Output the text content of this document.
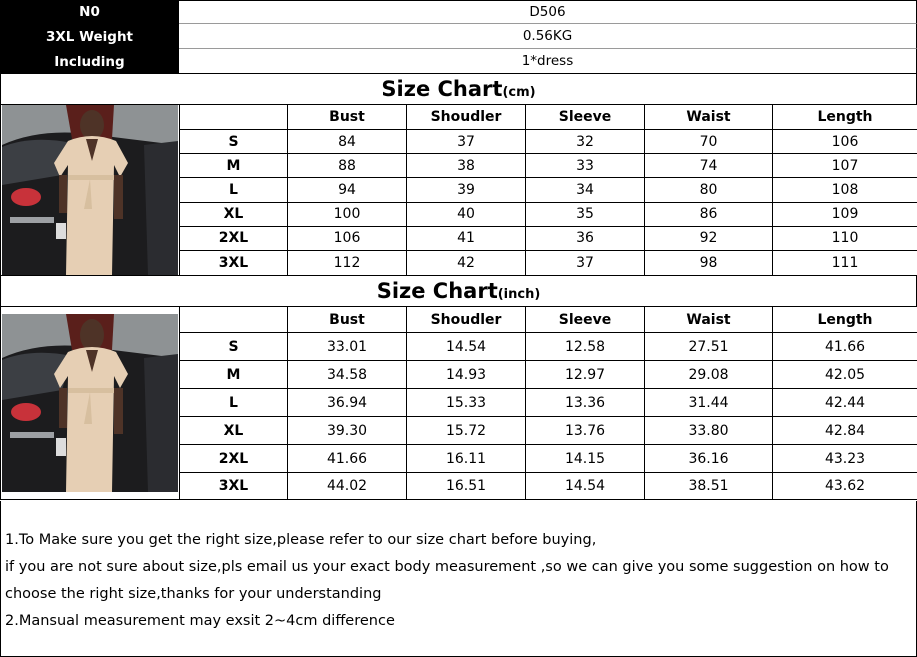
N0	D506
3XL Weight	0.56KG
Including	1*dress
Size Chart (cm)
		Bust	Shoudler	Sleeve	Waist	Length
	S	84	37	32	70	106
	M	88	38	33	74	107
	L	94	39	34	80	108
	XL	100	40	35	86	109
	2XL	106	41	36	92	110
	3XL	112	42	37	98	111
Size Chart (inch)
		Bust	Shoudler	Sleeve	Waist	Length
	S	33.01	14.54	12.58	27.51	41.66
	M	34.58	14.93	12.97	29.08	42.05
	L	36.94	15.33	13.36	31.44	42.44
	XL	39.30	15.72	13.76	33.80	42.84
	2XL	41.66	16.11	14.15	36.16	43.23
	3XL	44.02	16.51	14.54	38.51	43.62
1.To Make sure you get the right size,please refer to our size chart before buying,
if you are not sure about size,pls email us your exact body measurement ,so we can give you some suggestion on how to
choose the right size,thanks for your understanding
2.Mansual measurement may exsit 2~4cm difference
